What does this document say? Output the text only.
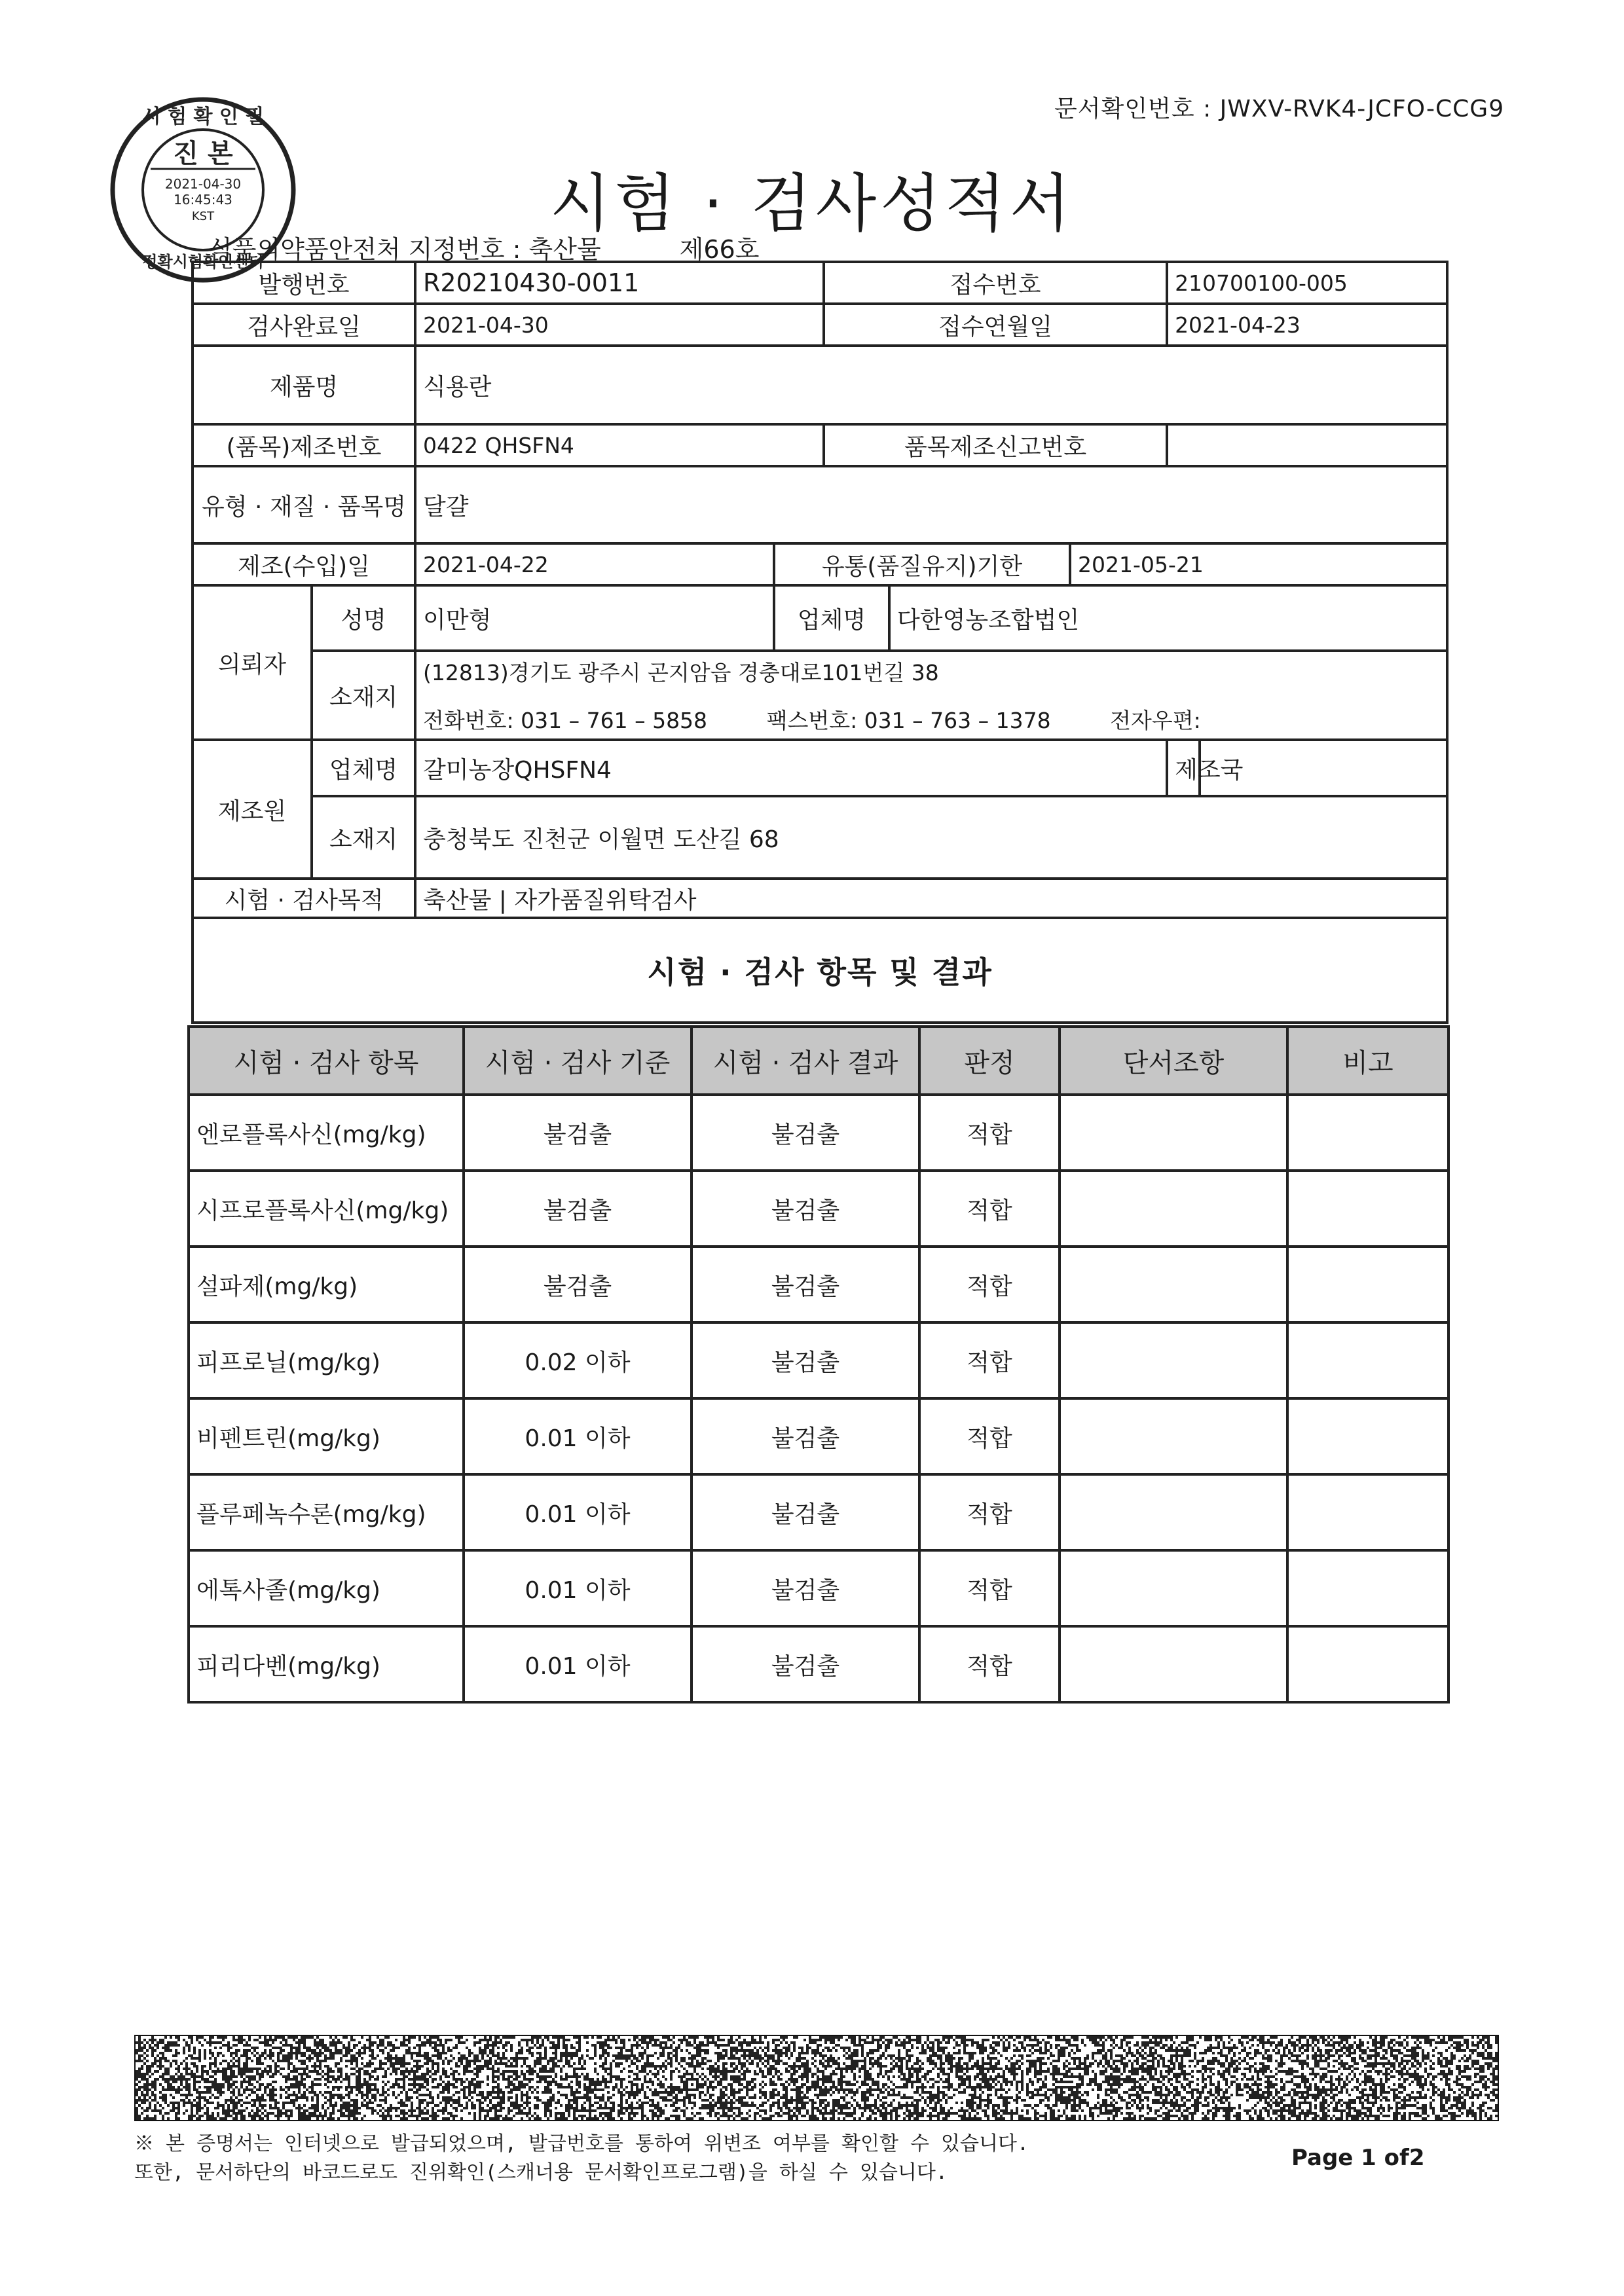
문서확인번호 : JWXV-RVK4-JCFO-CCG9
시 험 확 인 필
진 본
2021-04-30
16:45:43
KST
정확시험확인센터
시험 · 검사성적서
식품의약품안전처 지정번호 : 축산물	제66호
발행번호		R20210430-0011		접수번호			210700100-005	
검사완료일		2021-04-30		접수연월일			2021-04-23	
제품명		식용란						
(품목)제조번호		0422 QHSFN4		품목제조신고번호				
유형 · 재질 · 품목명		달걀						
제조(수입)일		2021-04-22	유통(품질유지)기한			2021-05-21		
의뢰자	성명	이만형	업체명		다한영농조합법인			
	소재지	(12813)경기도 광주시 곤지암읍 경충대로101번길 38
전화번호: 031 – 761 – 5858 팩스번호: 031 – 763 – 1378 전자우편:						

제조원	업체명	갈미농장QHSFN4					제조국	
	소재지	충청북도 진천군 이월면 도산길 68						
시험 · 검사목적		축산물 | 자가품질위탁검사						
시험 · 검사 항목 및 결과								
시험 · 검사 항목	시험 · 검사 기준	시험 · 검사 결과	판정	단서조항	비고
엔로플록사신(mg/kg)	불검출	불검출	적합		
시프로플록사신(mg/kg)	불검출	불검출	적합		
설파제(mg/kg)	불검출	불검출	적합		
피프로닐(mg/kg)	0.02 이하	불검출	적합		
비펜트린(mg/kg)	0.01 이하	불검출	적합		
플루페녹수론(mg/kg)	0.01 이하	불검출	적합		
에톡사졸(mg/kg)	0.01 이하	불검출	적합		
피리다벤(mg/kg)	0.01 이하	불검출	적합		
※ 본 증명서는 인터넷으로 발급되었으며, 발급번호를 통하여 위변조 여부를 확인할 수 있습니다.
또한, 문서하단의 바코드로도 진위확인(스캐너용 문서확인프로그램)을 하실 수 있습니다.
Page 1 of2
